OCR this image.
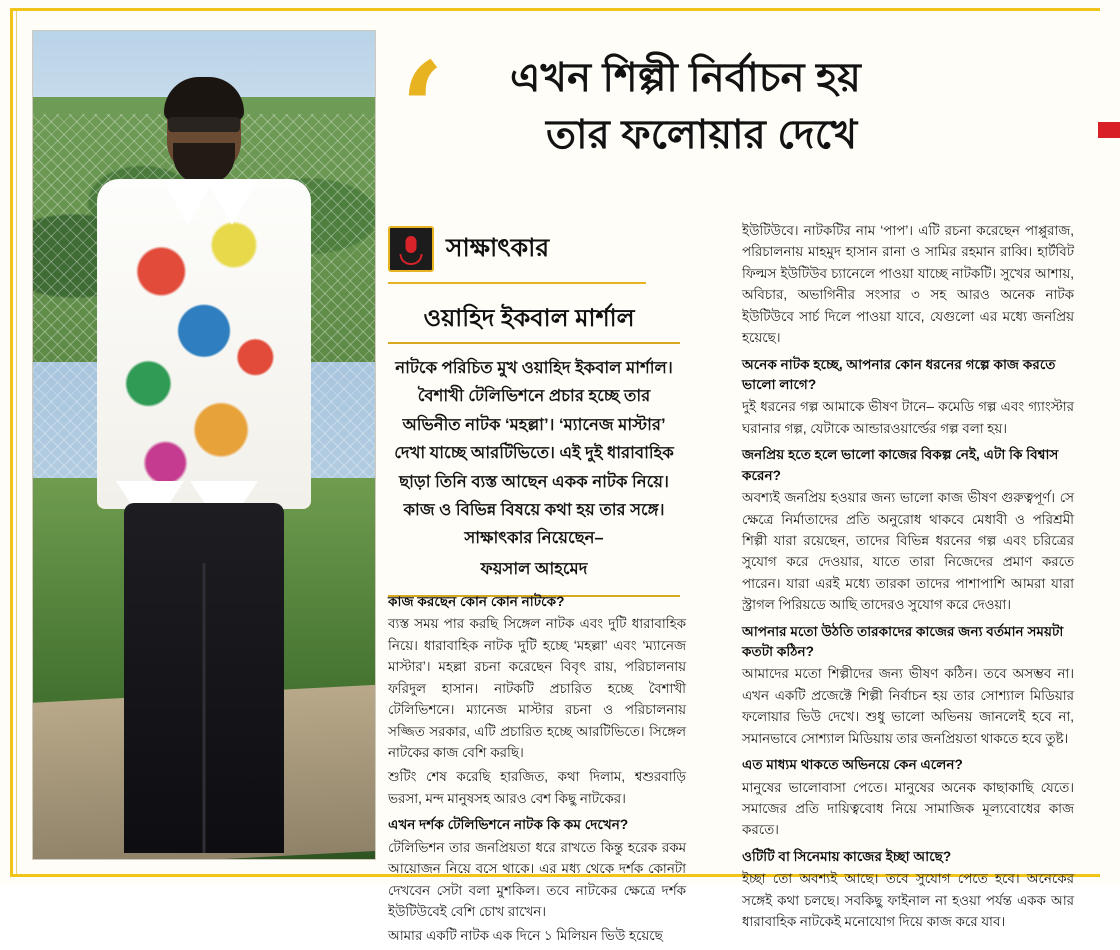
‘	এখন শিল্পী নির্বাচন হয়
তার ফলোয়ার দেখে
সাক্ষাৎকার
ওয়াহিদ ইকবাল মার্শাল
নাটকে পরিচিত মুখ ওয়াহিদ ইকবাল মার্শাল। বৈশাখী টেলিভিশনে প্রচার হচ্ছে তার অভিনীত নাটক ‘মহল্লা’। ‘ম্যানেজ মাস্টার’ দেখা যাচ্ছে আরটিভিতে। এই দুই ধারাবাহিক ছাড়া তিনি ব্যস্ত আছেন একক নাটক নিয়ে। কাজ ও বিভিন্ন বিষয়ে কথা হয় তার সঙ্গে। সাক্ষাৎকার নিয়েছেন–
ফয়সাল আহমেদ
কাজ করছেন কোন কোন নাটকে?

ব্যস্ত সময় পার করছি সিঙ্গেল নাটক এবং দুটি ধারাবাহিক নিয়ে। ধারাবাহিক নাটক দুটি হচ্ছে ‘মহল্লা’ এবং ‘ম্যানেজ মাস্টার’। মহল্লা রচনা করেছেন বিবৃৎ রায়, পরিচালনায় ফরিদুল হাসান। নাটকটি প্রচারিত হচ্ছে বৈশাখী টেলিভিশনে। ম্যানেজ মাস্টার রচনা ও পরিচালনায় সজ্জিত সরকার, এটি প্রচারিত হচ্ছে আরটিভিতে। সিঙ্গেল নাটকের কাজ বেশি করছি।

শুটিং শেষ করেছি হারজিত, কথা দিলাম, শ্বশুরবাড়ি ভরসা, মন্দ মানুষসহ আরও বেশ কিছু নাটকের।

এখন দর্শক টেলিভিশনে নাটক কি কম দেখেন?

টেলিভিশন তার জনপ্রিয়তা ধরে রাখতে কিন্তু হরেক রকম আয়োজন নিয়ে বসে থাকে। এর মধ্য থেকে দর্শক কোনটা দেখবেন সেটা বলা মুশকিল। তবে নাটকের ক্ষেত্রে দর্শক ইউটিউবেই বেশি চোখ রাখেন।

আমার একটি নাটক এক দিনে ১ মিলিয়ন ভিউ হয়েছে

ইউটিউবে। নাটকটির নাম ‘পাপ’। এটি রচনা করেছেন পাপ্পুরাজ, পরিচালনায় মাহমুদ হাসান রানা ও সামির রহমান রাব্বি। হার্টবিট ফিল্মস ইউটিউব চ্যানেলে পাওয়া যাচ্ছে নাটকটি। সুখের আশায়, অবিচার, অভাগিনীর সংসার ৩ সহ আরও অনেক নাটক ইউটিউবে সার্চ দিলে পাওয়া যাবে, যেগুলো এর মধ্যে জনপ্রিয় হয়েছে।

অনেক নাটক হচ্ছে, আপনার কোন ধরনের গল্পে কাজ করতে ভালো লাগে?

দুই ধরনের গল্প আমাকে ভীষণ টানে– কমেডি গল্প এবং গ্যাংস্টার ঘরানার গল্প, যেটাকে আন্ডারওয়ার্ল্ডের গল্প বলা হয়।

জনপ্রিয় হতে হলে ভালো কাজের বিকল্প নেই, এটা কি বিশ্বাস করেন?

অবশ্যই জনপ্রিয় হওয়ার জন্য ভালো কাজ ভীষণ গুরুত্বপূর্ণ। সে ক্ষেত্রে নির্মাতাদের প্রতি অনুরোধ থাকবে মেধাবী ও পরিশ্রমী শিল্পী যারা রয়েছেন, তাদের বিভিন্ন ধরনের গল্প এবং চরিত্রের সুযোগ করে দেওয়ার, যাতে তারা নিজেদের প্রমাণ করতে পারেন। যারা এরই মধ্যে তারকা তাদের পাশাপাশি আমরা যারা স্ট্রাগল পিরিয়ডে আছি তাদেরও সুযোগ করে দেওয়া।

আপনার মতো উঠতি তারকাদের কাজের জন্য বর্তমান সময়টা কতটা কঠিন?

আমাদের মতো শিল্পীদের জন্য ভীষণ কঠিন। তবে অসম্ভব না। এখন একটি প্রজেক্টে শিল্পী নির্বাচন হয় তার সোশ্যাল মিডিয়ার ফলোয়ার ভিউ দেখে। শুধু ভালো অভিনয় জানলেই হবে না, সমানভাবে সোশ্যাল মিডিয়ায় তার জনপ্রিয়তা থাকতে হবে তুষ্ট।

এত মাধ্যম থাকতে অভিনয়ে কেন এলেন?

মানুষের ভালোবাসা পেতে। মানুষের অনেক কাছাকাছি যেতে। সমাজের প্রতি দায়িত্ববোধ নিয়ে সামাজিক মূল্যবোধের কাজ করতে।

ওটিটি বা সিনেমায় কাজের ইচ্ছা আছে?

ইচ্ছা তো অবশ্যই আছে। তবে সুযোগ পেতে হবে। অনেকের সঙ্গেই কথা চলছে। সবকিছু ফাইনাল না হওয়া পর্যন্ত একক আর ধারাবাহিক নাটকেই মনোযোগ দিয়ে কাজ করে যাব।
